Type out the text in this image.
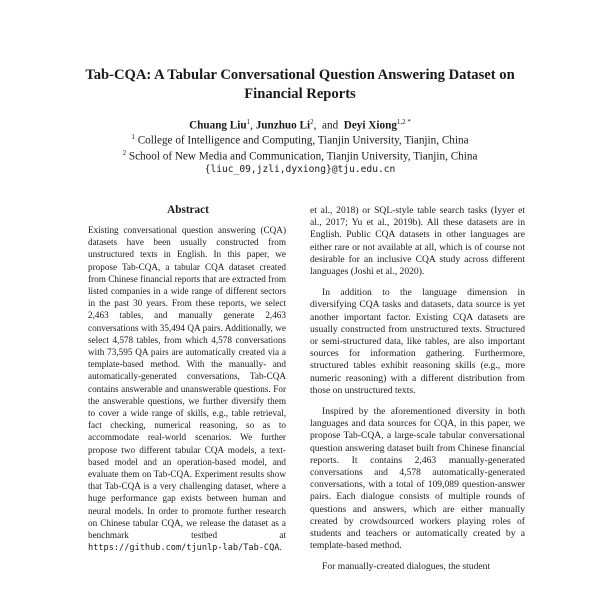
Tab-CQA: A Tabular Conversational Question Answering Dataset on
Financial Reports
Chuang Liu$^1$, Junzhuo Li$^2$,  and  Deyi Xiong$^{1,2 *}$
$^1$ College of Intelligence and Computing, Tianjin University, Tianjin, China
$^2$ School of New Media and Communication, Tianjin University, Tianjin, China
{liuc_09,jzli,dyxiong}@tju.edu.cn
Abstract
Existing conversational question answering (CQA) datasets have been usually constructed from unstructured texts in English. In this paper, we propose Tab-CQA, a tabular CQA dataset created from Chinese financial reports that are extracted from listed companies in a wide range of different sectors in the past 30 years. From these reports, we select 2,463 tables, and manually generate 2,463 conversations with 35,494 QA pairs. Additionally, we select 4,578 tables, from which 4,578 conversations with 73,595 QA pairs are automatically created via a template-based method. With the manually- and automatically-generated conversations, Tab-CQA contains answerable and unanswerable questions. For the answerable questions, we further diversify them to cover a wide range of skills, e.g., table retrieval, fact checking, numerical reasoning, so as to accommodate real-world scenarios. We further propose two different tabular CQA models, a text-based model and an operation-based model, and evaluate them on Tab-CQA. Experiment results show that Tab-CQA is a very challenging dataset, where a huge performance gap exists between human and neural models. In order to promote further research on Chinese tabular CQA, we release the dataset as a benchmark testbed at https://github.com/tjunlp-lab/Tab-CQA.

et al., 2018) or SQL-style table search tasks (Iyyer et al., 2017; Yu et al., 2019b). All these datasets are in English. Public CQA datasets in other languages are either rare or not available at all, which is of course not desirable for an inclusive CQA study across different languages (Joshi et al., 2020).

In addition to the language dimension in diversifying CQA tasks and datasets, data source is yet another important factor. Existing CQA datasets are usually constructed from unstructured texts. Structured or semi-structured data, like tables, are also important sources for information gathering. Furthermore, structured tables exhibit reasoning skills (e.g., more numeric reasoning) with a different distribution from those on unstructured texts.

Inspired by the aforementioned diversity in both languages and data sources for CQA, in this paper, we propose Tab-CQA, a large-scale tabular conversational question answering dataset built from Chinese financial reports. It contains 2,463 manually-generated conversations and 4,578 automatically-generated conversations, with a total of 109,089 question-answer pairs. Each dialogue consists of multiple rounds of questions and answers, which are either manually created by crowdsourced workers playing roles of students and teachers or automatically created by a template-based method.

For manually-created dialogues, the student
